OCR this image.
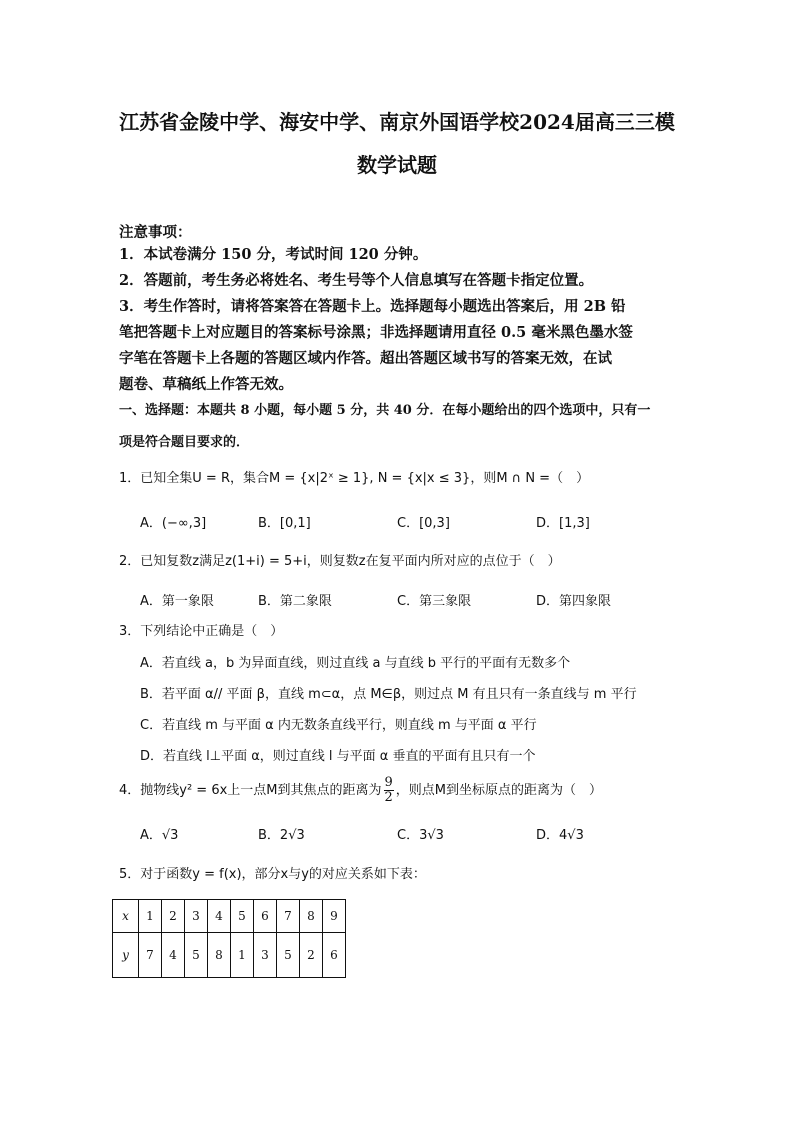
江苏省金陵中学、海安中学、南京外国语学校2024届高三三模
数学试题
注意事项：
1．本试卷满分 150 分，考试时间 120 分钟。
2．答题前，考生务必将姓名、考生号等个人信息填写在答题卡指定位置。
3．考生作答时，请将答案答在答题卡上。选择题每小题选出答案后，用 2B 铅
笔把答题卡上对应题目的答案标号涂黑；非选择题请用直径 0.5 毫米黑色墨水签
字笔在答题卡上各题的答题区域内作答。超出答题区域书写的答案无效，在试
题卷、草稿纸上作答无效。
一、选择题：本题共 8 小题，每小题 5 分，共 40 分．在每小题给出的四个选项中，只有一
项是符合题目要求的．
1．已知全集U = R，集合M = {x|2ˣ ≥ 1}, N = {x|x ≤ 3}，则M ∩ N =（　）
A．(−∞,3]	B．[0,1]	C．[0,3]	D．[1,3]
2．已知复数z满足z(1+i) = 5+i，则复数z在复平面内所对应的点位于（　）
A．第一象限	B．第二象限	C．第三象限	D．第四象限
3．下列结论中正确是（　）
A．若直线 a，b 为异面直线，则过直线 a 与直线 b 平行的平面有无数多个
B．若平面 α// 平面 β，直线 m⊂α，点 M∈β，则过点 M 有且只有一条直线与 m 平行
C．若直线 m 与平面 α 内无数条直线平行，则直线 m 与平面 α 平行
D．若直线 l⊥平面 α，则过直线 l 与平面 α 垂直的平面有且只有一个
4．抛物线y² = 6x上一点M到其焦点的距离为 $\frac{9}{2}$ ，则点M到坐标原点的距离为（　）
A．√3	B．2√3	C．3√3	D．4√3
5．对于函数y = f(x)，部分x与y的对应关系如下表：
x	1	2	3	4	5	6	7	8	9
y	7	4	5	8	1	3	5	2	6
